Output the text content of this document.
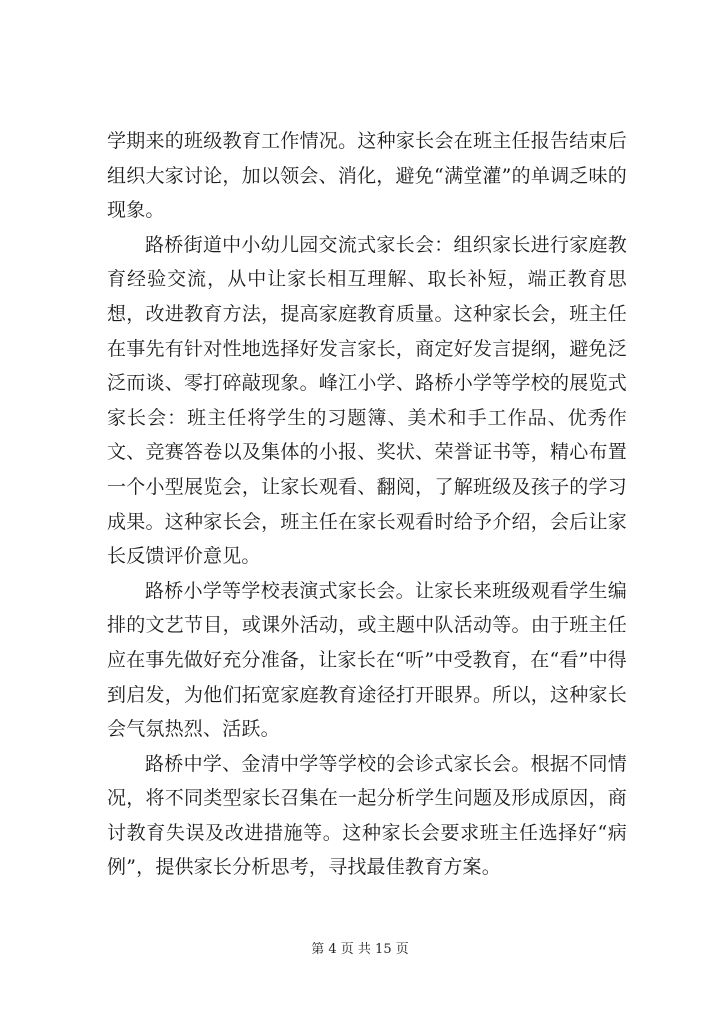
学期来的班级教育工作情况。这种家长会在班主任报告结束后组织大家讨论，加以领会、消化，避免“满堂灌”的单调乏味的现象。

路桥街道中小幼儿园交流式家长会：组织家长进行家庭教育经验交流，从中让家长相互理解、取长补短，端正教育思想，改进教育方法，提高家庭教育质量。这种家长会，班主任在事先有针对性地选择好发言家长，商定好发言提纲，避免泛泛而谈、零打碎敲现象。峰江小学、路桥小学等学校的展览式家长会：班主任将学生的习题簿、美术和手工作品、优秀作文、竞赛答卷以及集体的小报、奖状、荣誉证书等，精心布置一个小型展览会，让家长观看、翻阅，了解班级及孩子的学习成果。这种家长会，班主任在家长观看时给予介绍，会后让家长反馈评价意见。

路桥小学等学校表演式家长会。让家长来班级观看学生编排的文艺节目，或课外活动，或主题中队活动等。由于班主任应在事先做好充分准备，让家长在“听”中受教育，在“看”中得到启发，为他们拓宽家庭教育途径打开眼界。所以，这种家长会气氛热烈、活跃。

路桥中学、金清中学等学校的会诊式家长会。根据不同情况，将不同类型家长召集在一起分析学生问题及形成原因，商讨教育失误及改进措施等。这种家长会要求班主任选择好“病例”，提供家长分析思考，寻找最佳教育方案。

第 4 页 共 15 页
